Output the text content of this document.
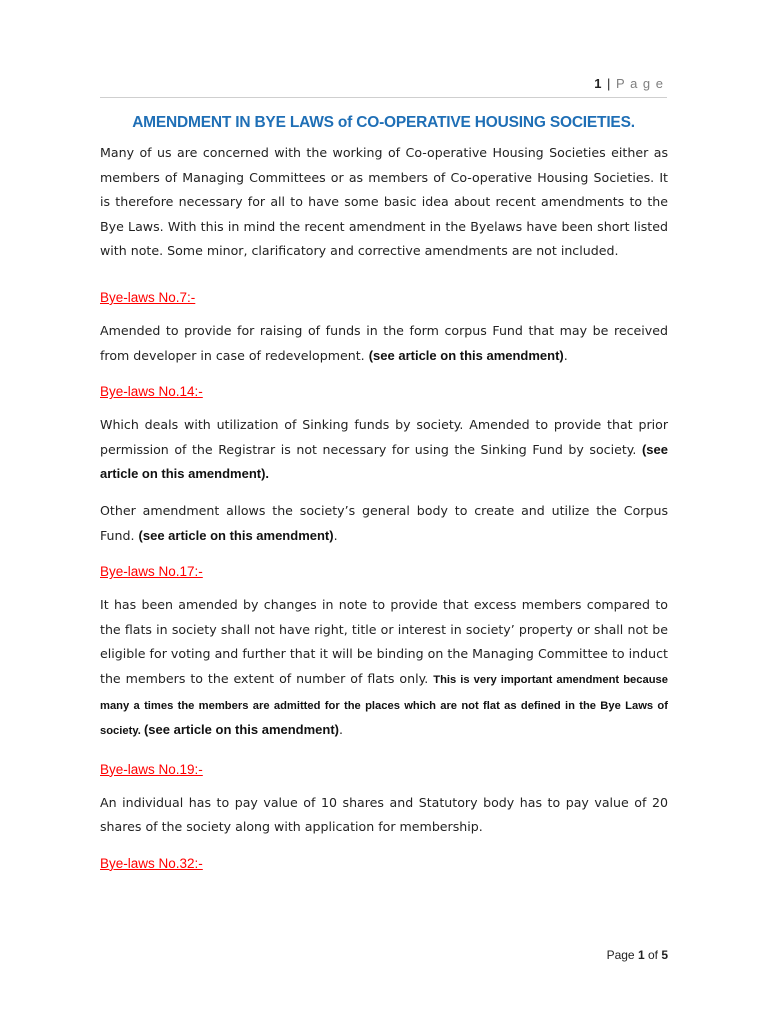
1 | P a g e
AMENDMENT IN BYE LAWS of CO-OPERATIVE HOUSING SOCIETIES.

Many of us are concerned with the working of Co-operative Housing Societies either as members of Managing Committees or as members of Co-operative Housing Societies. It is therefore necessary for all to have some basic idea about recent amendments to the Bye Laws. With this in mind the recent amendment in the Byelaws have been short listed with note. Some minor, clarificatory and corrective amendments are not included.

Bye-laws No.7:-

Amended to provide for raising of funds in the form corpus Fund that may be received from developer in case of redevelopment. (see article on this amendment).

Bye-laws No.14:-

Which deals with utilization of Sinking funds by society. Amended to provide that prior permission of the Registrar is not necessary for using the Sinking Fund by society. (see article on this amendment).

Other amendment allows the society’s general body to create and utilize the Corpus Fund. (see article on this amendment).

Bye-laws No.17:-

It has been amended by changes in note to provide that excess members compared to the flats in society shall not have right, title or interest in society’ property or shall not be eligible for voting and further that it will be binding on the Managing Committee to induct the members to the extent of number of flats only. This is very important amendment because many a times the members are admitted for the places which are not flat as defined in the Bye Laws of society. (see article on this amendment).

Bye-laws No.19:-

An individual has to pay value of 10 shares and Statutory body has to pay value of 20 shares of the society along with application for membership.

Bye-laws No.32:-

Page 1 of 5
